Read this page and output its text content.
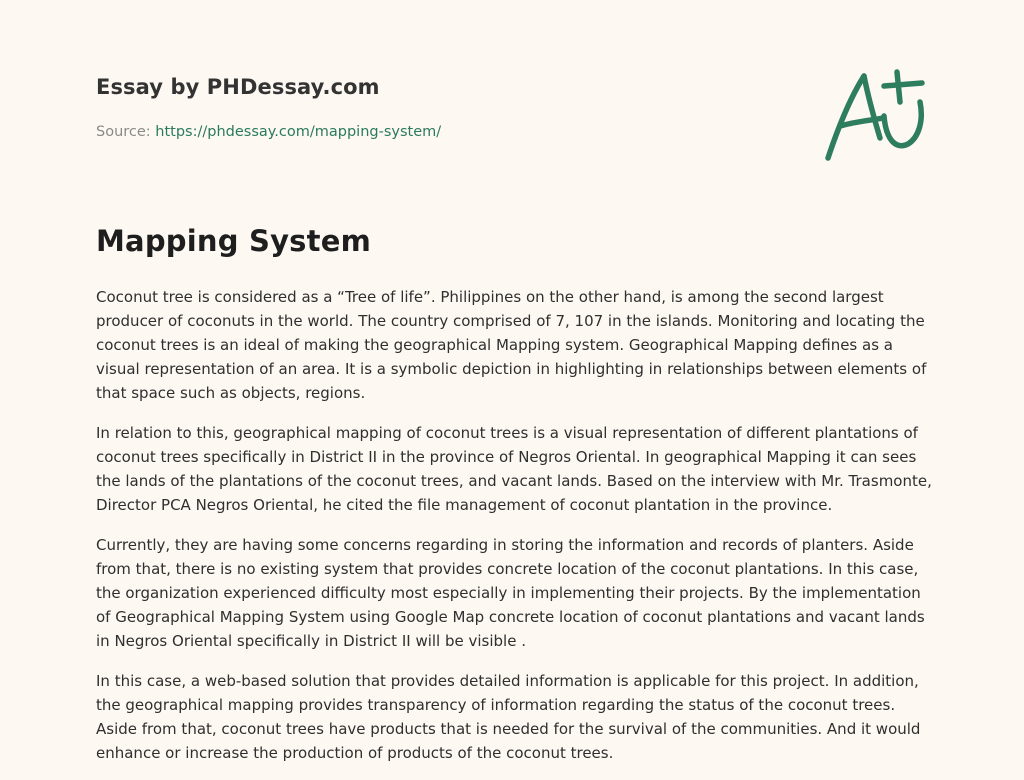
Essay by PHDessay.com

Source: https://phdessay.com/mapping-system/

Mapping System

Coconut tree is considered as a “Tree of life”. Philippines on the other hand, is among the second largest producer of coconuts in the world. The country comprised of 7, 107 in the islands. Monitoring and locating the coconut trees is an ideal of making the geographical Mapping system. Geographical Mapping defines as a visual representation of an area. It is a symbolic depiction in highlighting in relationships between elements of that space such as objects, regions.

In relation to this, geographical mapping of coconut trees is a visual representation of different plantations of coconut trees specifically in District II in the province of Negros Oriental. In geographical Mapping it can sees the lands of the plantations of the coconut trees, and vacant lands. Based on the interview with Mr. Trasmonte, Director PCA Negros Oriental, he cited the file management of coconut plantation in the province.

Currently, they are having some concerns regarding in storing the information and records of planters. Aside from that, there is no existing system that provides concrete location of the coconut plantations. In this case, the organization experienced difficulty most especially in implementing their projects. By the implementation of Geographical Mapping System using Google Map concrete location of coconut plantations and vacant lands in Negros Oriental specifically in District II will be visible .

In this case, a web-based solution that provides detailed information is applicable for this project. In addition, the geographical mapping provides transparency of information regarding the status of the coconut trees. Aside from that, coconut trees have products that is needed for the survival of the communities. And it would enhance or increase the production of products of the coconut trees.
